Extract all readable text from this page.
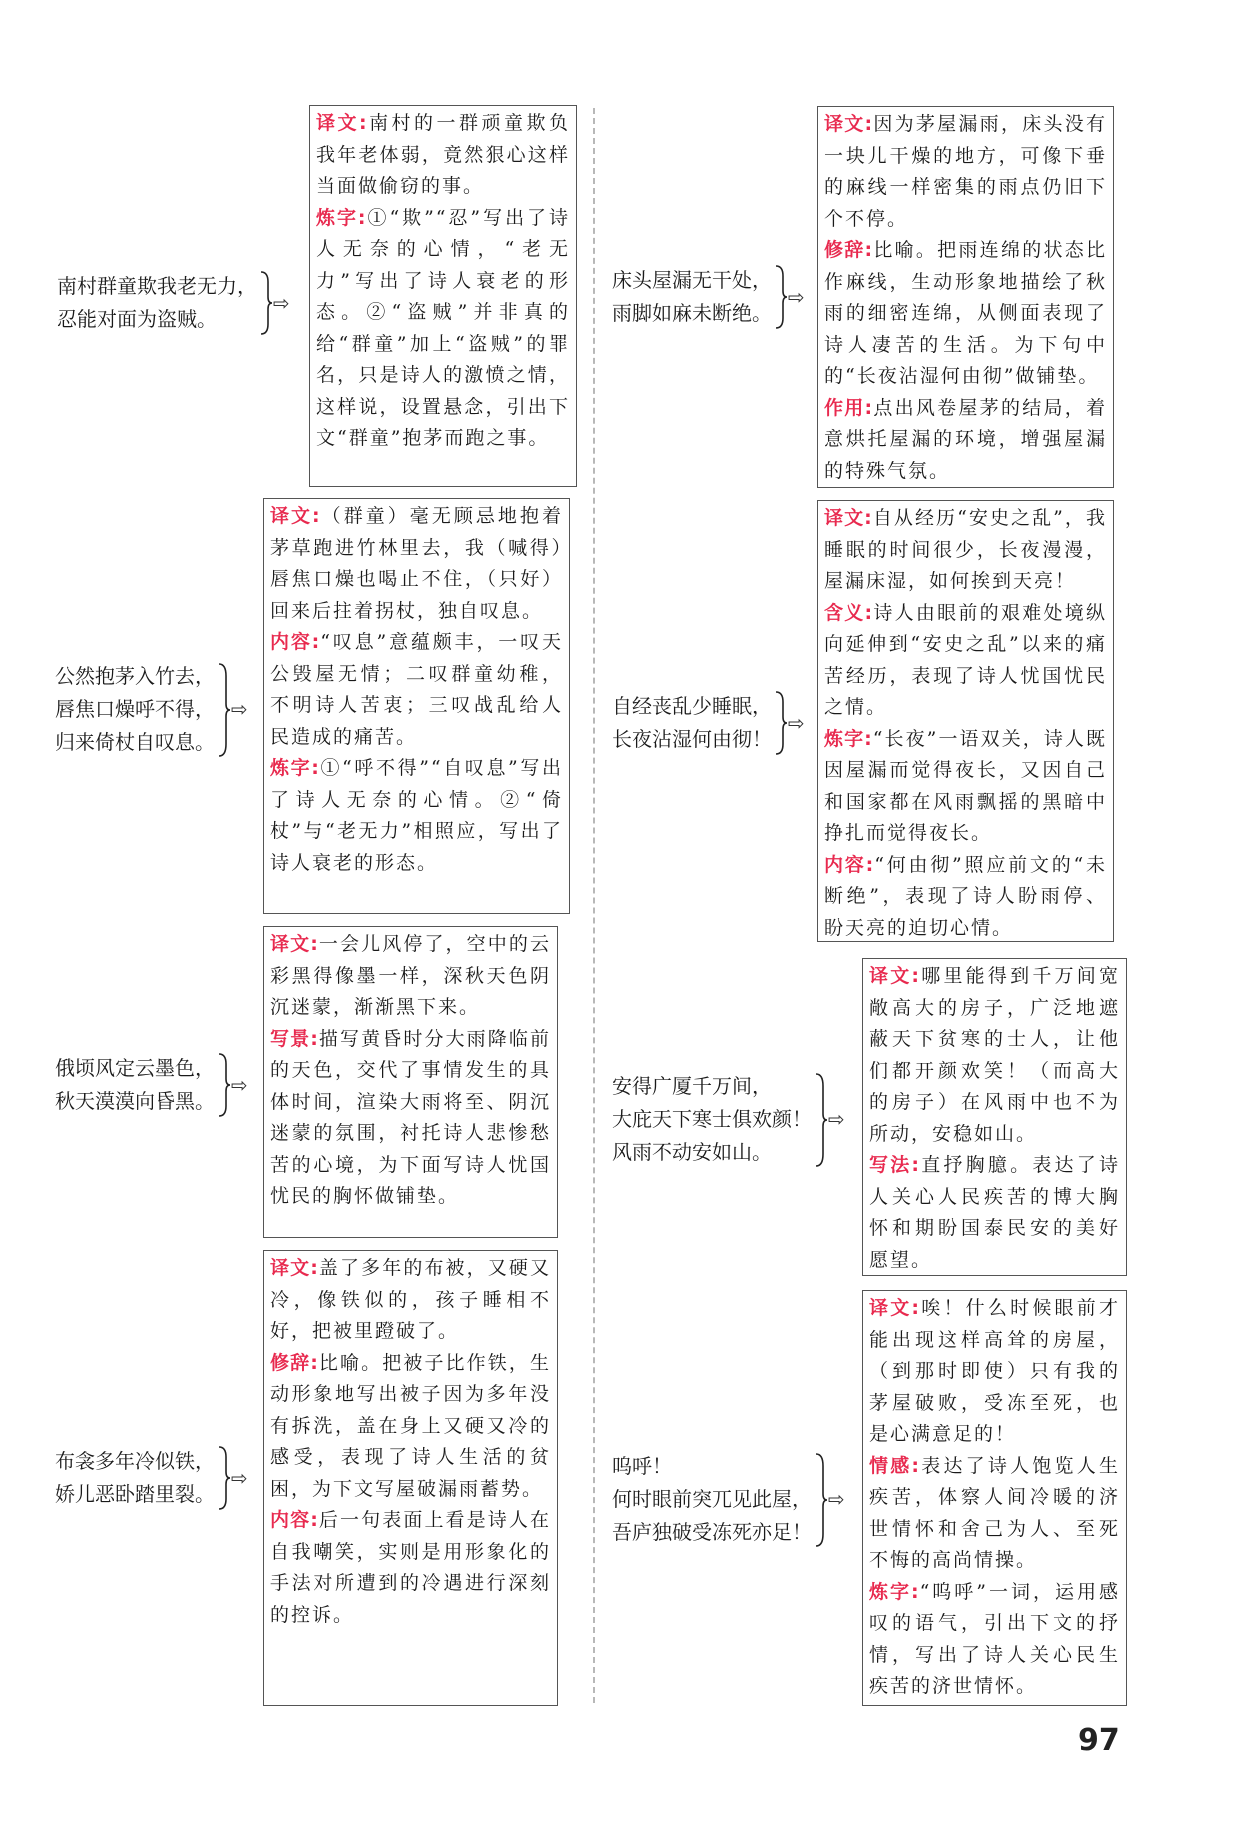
南村群童欺我老无力，
忍能对面为盗贼。
⇨

译文:南村的一群顽童欺负我年老体弱，竟然狠心这样当面做偷窃的事。

炼字:①“欺”“忍”写出了诗人无奈的心情，“老无力”写出了诗人衰老的形态。②“盗贼”并非真的给“群童”加上“盗贼”的罪名，只是诗人的激愤之情，这样说，设置悬念，引出下文“群童”抱茅而跑之事。

公然抱茅入竹去，
唇焦口燥呼不得，
归来倚杖自叹息。
⇨

译文:（群童）毫无顾忌地抱着茅草跑进竹林里去，我（喊得）唇焦口燥也喝止不住，（只好）回来后拄着拐杖，独自叹息。

内容:“叹息”意蕴颇丰，一叹天公毁屋无情；二叹群童幼稚，不明诗人苦衷；三叹战乱给人民造成的痛苦。

炼字:①“呼不得”“自叹息”写出了诗人无奈的心情。②“倚杖”与“老无力”相照应，写出了诗人衰老的形态。

俄顷风定云墨色，
秋天漠漠向昏黑。
⇨

译文:一会儿风停了，空中的云彩黑得像墨一样，深秋天色阴沉迷蒙，渐渐黑下来。

写景:描写黄昏时分大雨降临前的天色，交代了事情发生的具体时间，渲染大雨将至、阴沉迷蒙的氛围，衬托诗人悲惨愁苦的心境，为下面写诗人忧国忧民的胸怀做铺垫。

布衾多年冷似铁，
娇儿恶卧踏里裂。
⇨

译文:盖了多年的布被，又硬又冷，像铁似的，孩子睡相不好，把被里蹬破了。

修辞:比喻。把被子比作铁，生动形象地写出被子因为多年没有拆洗，盖在身上又硬又冷的感受，表现了诗人生活的贫困，为下文写屋破漏雨蓄势。

内容:后一句表面上看是诗人在自我嘲笑，实则是用形象化的手法对所遭到的冷遇进行深刻的控诉。

床头屋漏无干处，
雨脚如麻未断绝。
⇨

译文:因为茅屋漏雨，床头没有一块儿干燥的地方，可像下垂的麻线一样密集的雨点仍旧下个不停。

修辞:比喻。把雨连绵的状态比作麻线，生动形象地描绘了秋雨的细密连绵，从侧面表现了诗人凄苦的生活。为下句中的“长夜沾湿何由彻”做铺垫。

作用:点出风卷屋茅的结局，着意烘托屋漏的环境，增强屋漏的特殊气氛。

自经丧乱少睡眠，
长夜沾湿何由彻！
⇨

译文:自从经历“安史之乱”，我睡眠的时间很少，长夜漫漫，屋漏床湿，如何挨到天亮！

含义:诗人由眼前的艰难处境纵向延伸到“安史之乱”以来的痛苦经历，表现了诗人忧国忧民之情。

炼字:“长夜”一语双关，诗人既因屋漏而觉得夜长，又因自己和国家都在风雨飘摇的黑暗中挣扎而觉得夜长。

内容:“何由彻”照应前文的“未断绝”，表现了诗人盼雨停、盼天亮的迫切心情。

安得广厦千万间，
大庇天下寒士俱欢颜！
风雨不动安如山。
⇨

译文:哪里能得到千万间宽敞高大的房子，广泛地遮蔽天下贫寒的士人，让他们都开颜欢笑！（而高大的房子）在风雨中也不为所动，安稳如山。

写法:直抒胸臆。表达了诗人关心人民疾苦的博大胸怀和期盼国泰民安的美好愿望。

呜呼！
何时眼前突兀见此屋，
吾庐独破受冻死亦足！
⇨

译文:唉！什么时候眼前才能出现这样高耸的房屋，（到那时即使）只有我的茅屋破败，受冻至死，也是心满意足的！

情感:表达了诗人饱览人生疾苦，体察人间冷暖的济世情怀和舍己为人、至死不悔的高尚情操。

炼字:“呜呼”一词，运用感叹的语气，引出下文的抒情，写出了诗人关心民生疾苦的济世情怀。

97
